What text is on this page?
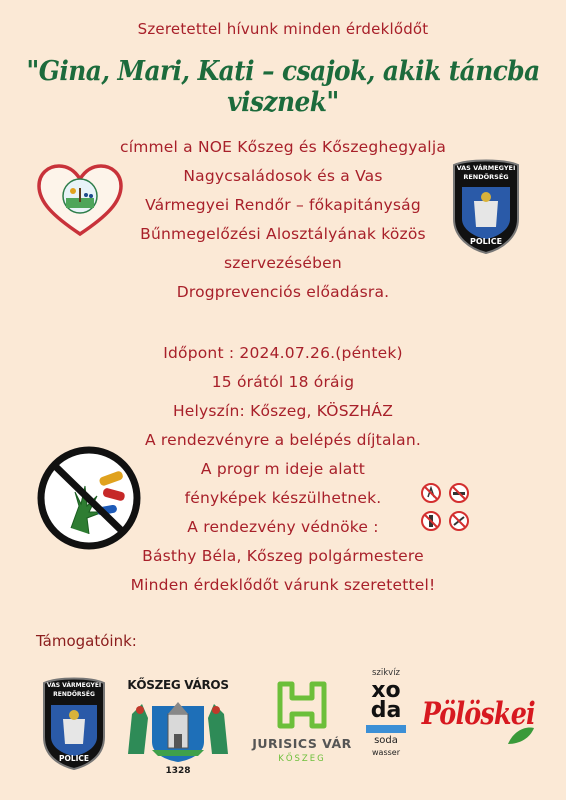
Szeretettel hívunk minden érdeklődőt
"Gina, Mari, Kati – csajok, akik táncba visznek"
címmel a NOE Kőszeg és Kőszeghegyalja
Nagycsaládosok és a Vas
Vármegyei Rendőr – főkapitányság
Bűnmegelőzési Alosztályának közös
szervezésében
Drogprevenciós előadásra.
Időpont : 2024.07.26.(péntek)
15 órától 18 óráig
Helyszín: Kőszeg, KÖSZHÁZ
A rendezvényre a belépés díjtalan.
A progr m ideje alatt
fényképek készülhetnek.
A rendezvény védnöke :
Básthy Béla, Kőszeg polgármestere
Minden érdeklődőt várunk szeretettel!
VAS VÁRMEGYEI
RENDŐRSÉG
POLICE
Támogatóink:
VAS VÁRMEGYEI
RENDŐRSÉG
POLICE
KŐSZEG VÁROS
1328
JURISICS VÁR
KŐSZEG
szikvíz
xo
da
soda
wasser
Pölöskei
